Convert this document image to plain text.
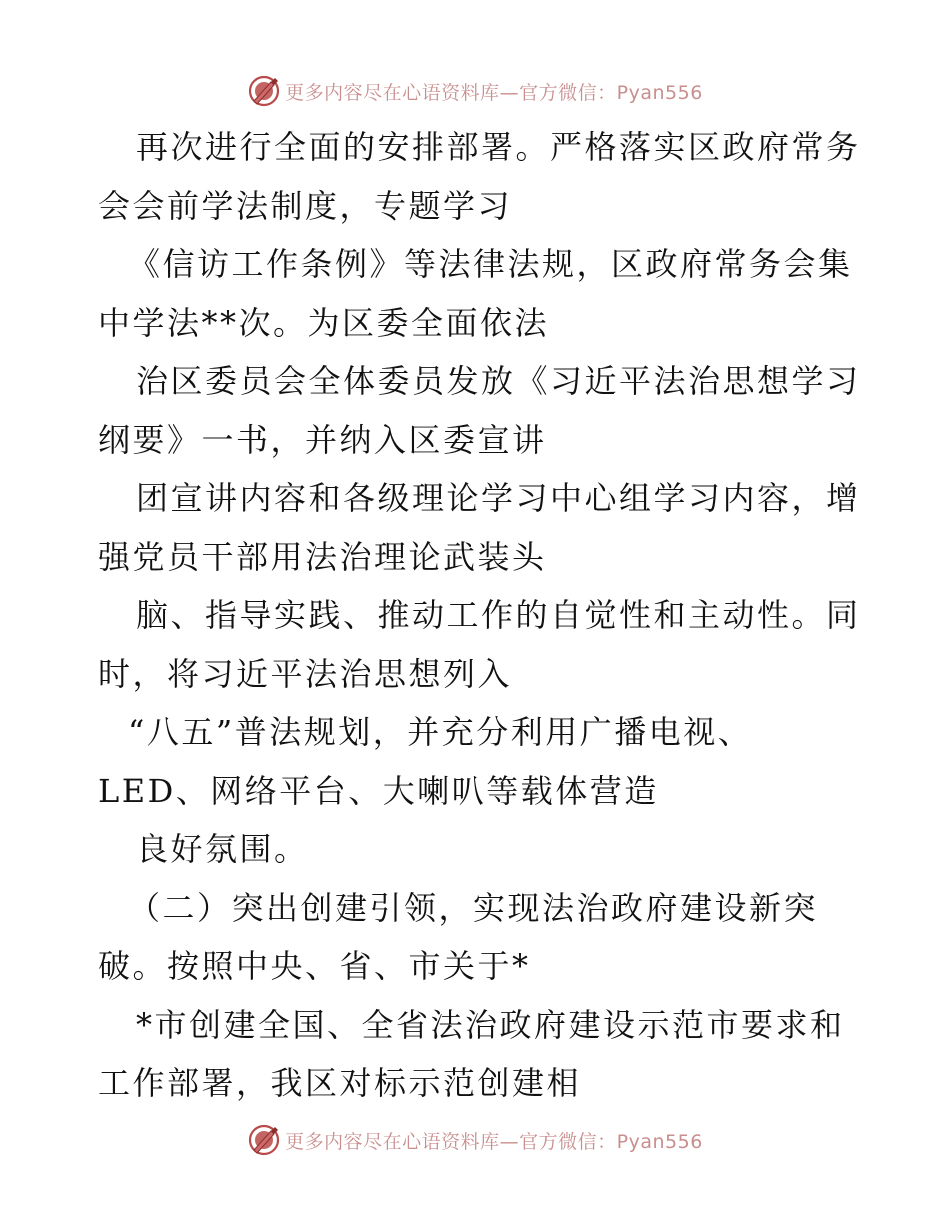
更多内容尽在心语资料库—官方微信：Pyan556
再次进行全面的安排部署。严格落实区政府常务
会会前学法制度，专题学习
《信访工作条例》等法律法规，区政府常务会集
中学法**次。为区委全面依法
治区委员会全体委员发放《习近平法治思想学习
纲要》一书，并纳入区委宣讲
团宣讲内容和各级理论学习中心组学习内容，增
强党员干部用法治理论武装头
脑、指导实践、推动工作的自觉性和主动性。同
时，将习近平法治思想列入
“八五”普法规划，并充分利用广播电视、
LED、网络平台、大喇叭等载体营造
良好氛围。
（二）突出创建引领，实现法治政府建设新突
破。按照中央、省、市关于*
*市创建全国、全省法治政府建设示范市要求和
工作部署，我区对标示范创建相
更多内容尽在心语资料库—官方微信：Pyan556
